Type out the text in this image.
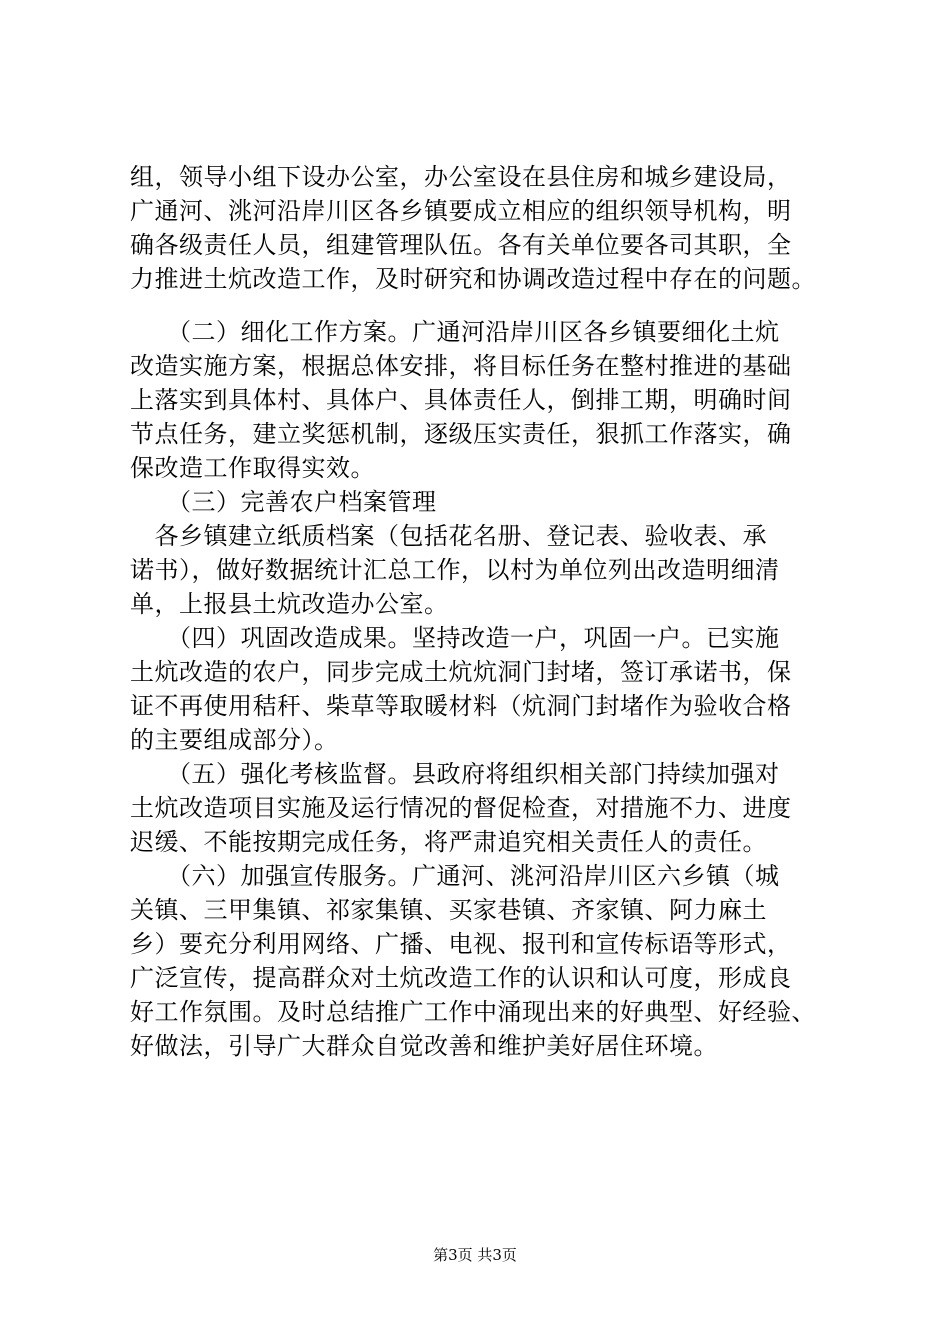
组，领导小组下设办公室，办公室设在县住房和城乡建设局，
广通河、洮河沿岸川区各乡镇要成立相应的组织领导机构，明
确各级责任人员，组建管理队伍。各有关单位要各司其职，全
力推进土炕改造工作，及时研究和协调改造过程中存在的问题。
　　（二）细化工作方案。广通河沿岸川区各乡镇要细化土炕
改造实施方案，根据总体安排，将目标任务在整村推进的基础
上落实到具体村、具体户、具体责任人，倒排工期，明确时间
节点任务，建立奖惩机制，逐级压实责任，狠抓工作落实，确
保改造工作取得实效。
　　（三）完善农户档案管理
　各乡镇建立纸质档案（包括花名册、登记表、验收表、承
诺书），做好数据统计汇总工作，以村为单位列出改造明细清
单，上报县土炕改造办公室。
　　（四）巩固改造成果。坚持改造一户，巩固一户。已实施
土炕改造的农户，同步完成土炕炕洞门封堵，签订承诺书，保
证不再使用秸秆、柴草等取暖材料（炕洞门封堵作为验收合格
的主要组成部分）。
　　（五）强化考核监督。县政府将组织相关部门持续加强对
土炕改造项目实施及运行情况的督促检查，对措施不力、进度
迟缓、不能按期完成任务，将严肃追究相关责任人的责任。
　　（六）加强宣传服务。广通河、洮河沿岸川区六乡镇（城
关镇、三甲集镇、祁家集镇、买家巷镇、齐家镇、阿力麻土
乡）要充分利用网络、广播、电视、报刊和宣传标语等形式，
广泛宣传，提高群众对土炕改造工作的认识和认可度，形成良
好工作氛围。及时总结推广工作中涌现出来的好典型、好经验、
好做法，引导广大群众自觉改善和维护美好居住环境。
第3页 共3页
